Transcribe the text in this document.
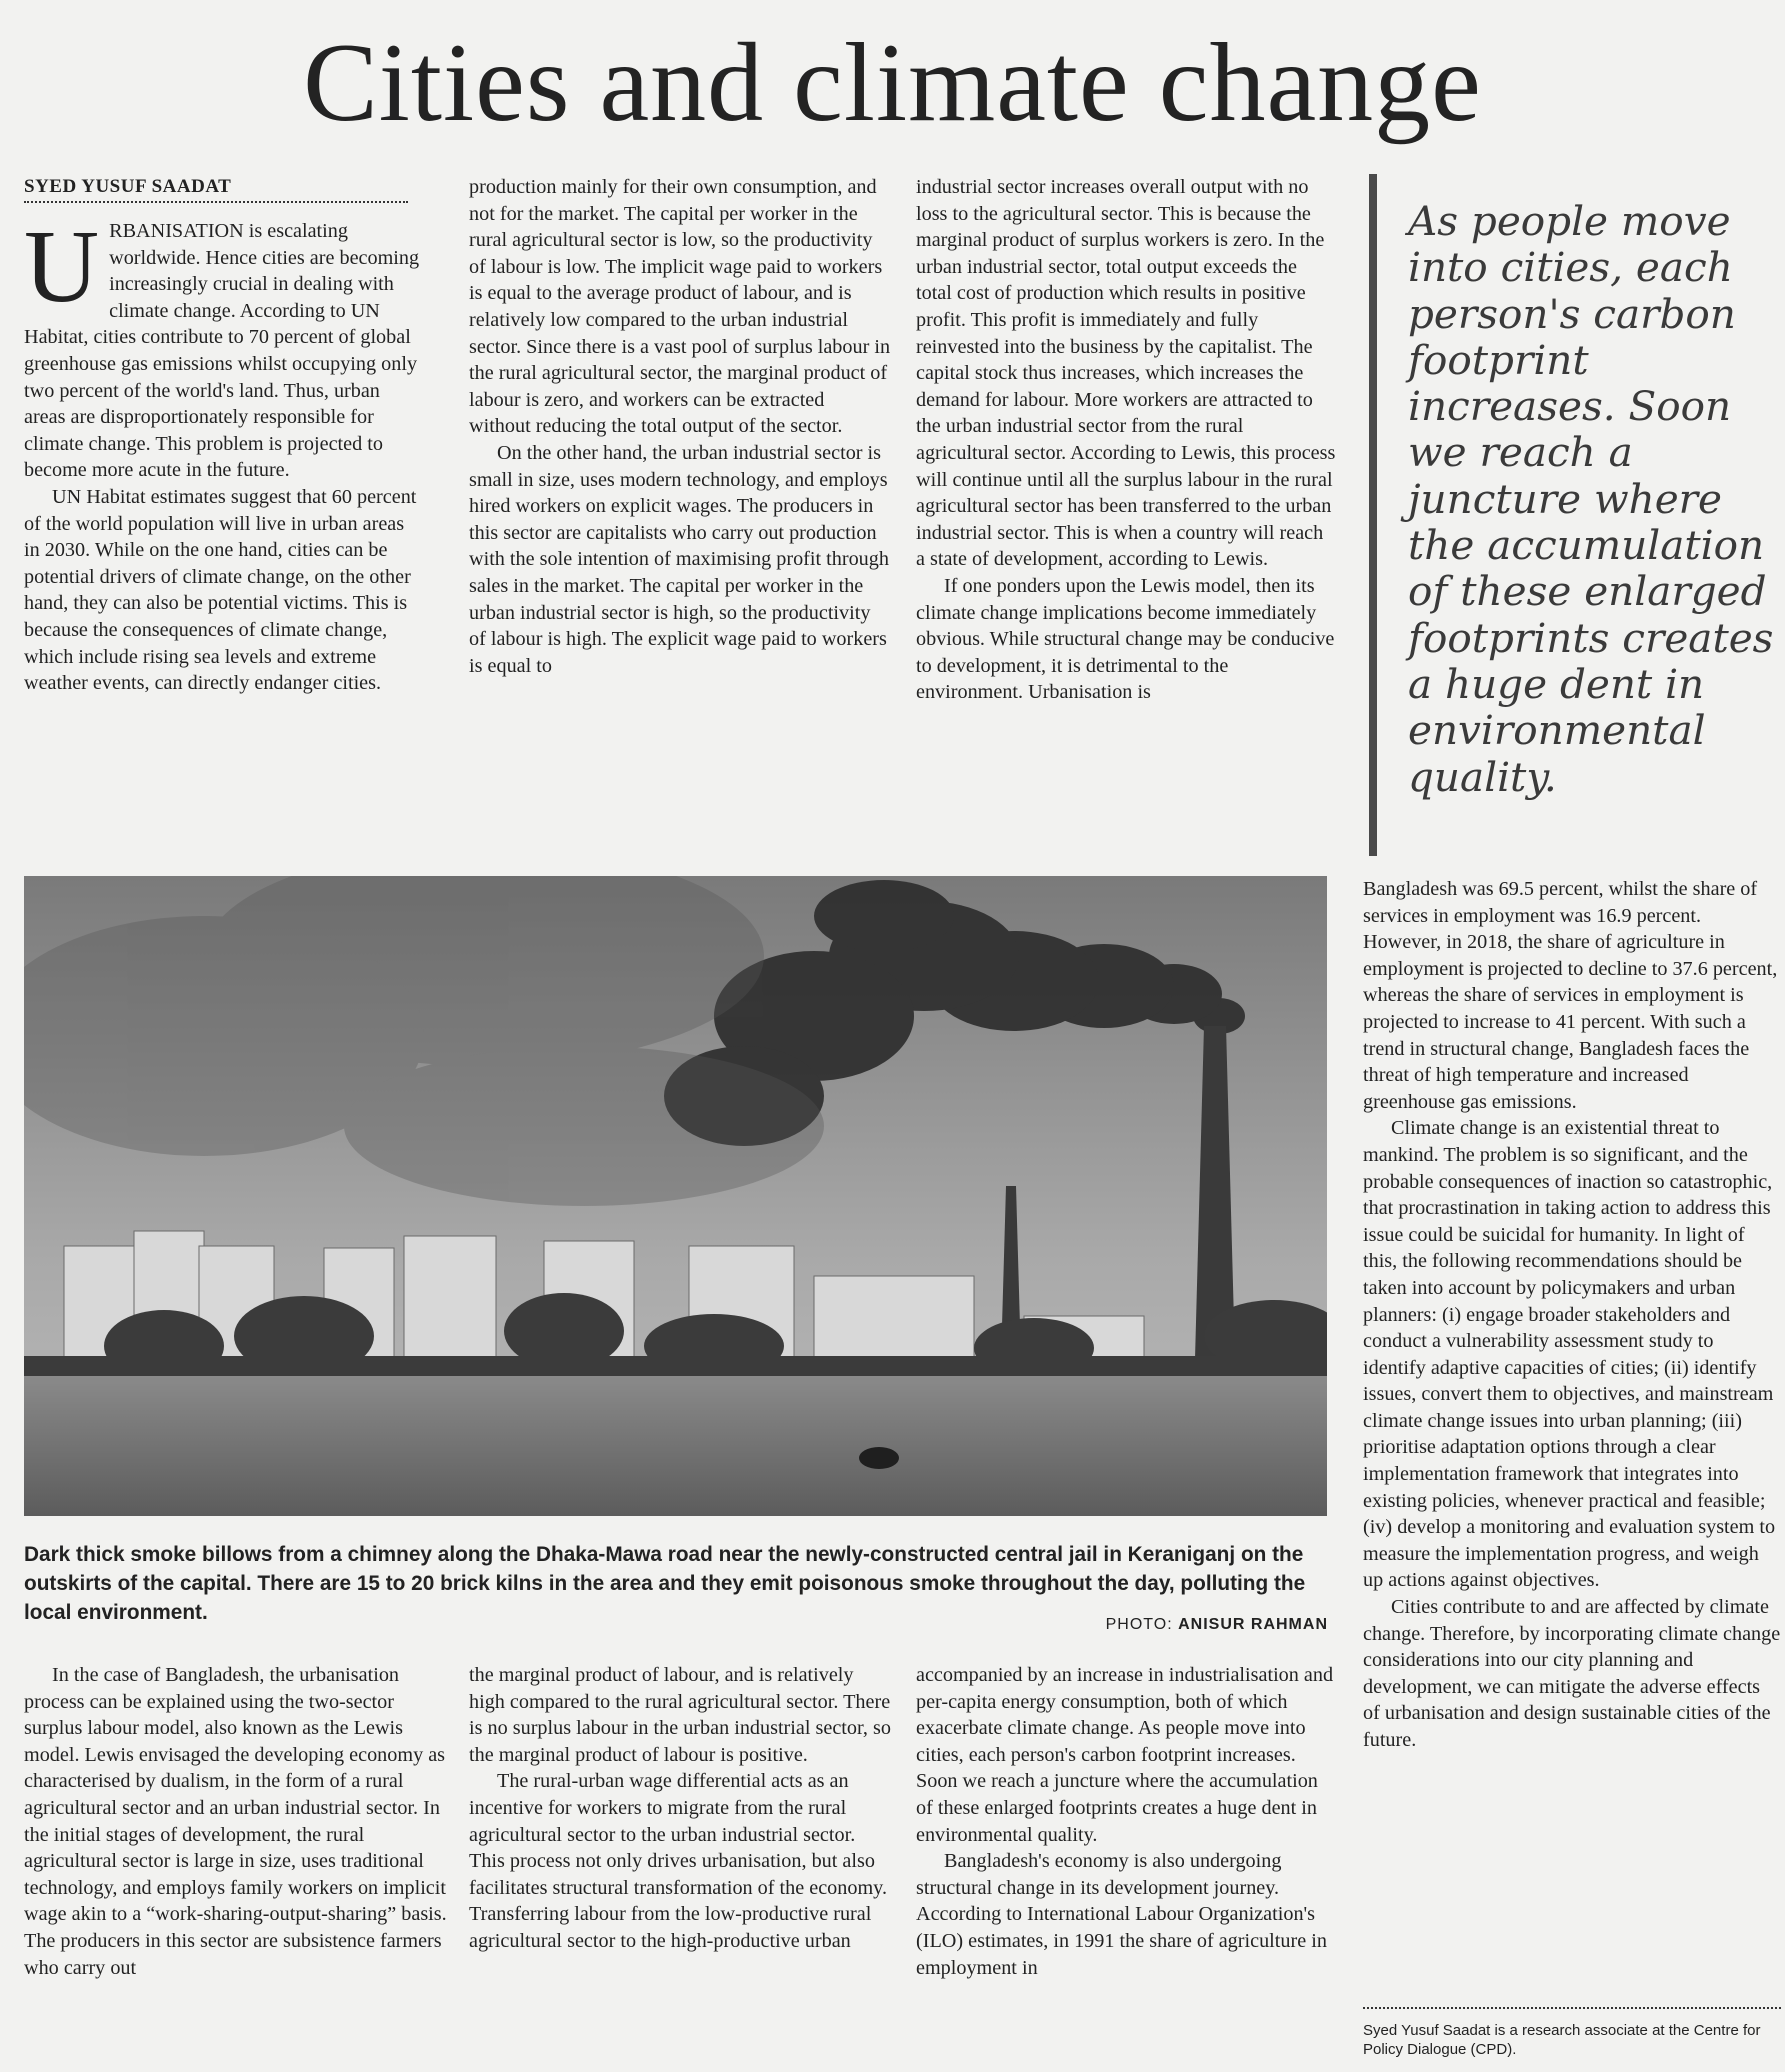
Cities and climate change
SYED YUSUF SAADAT

URBANISATION is escalating worldwide. Hence cities are becoming increasingly crucial in dealing with climate change. According to UN Habitat, cities contribute to 70 percent of global greenhouse gas emissions whilst occupying only two percent of the world's land. Thus, urban areas are disproportionately responsible for climate change. This problem is projected to become more acute in the future.

UN Habitat estimates suggest that 60 percent of the world population will live in urban areas in 2030. While on the one hand, cities can be potential drivers of climate change, on the other hand, they can also be potential victims. This is because the consequences of climate change, which include rising sea levels and extreme weather events, can directly endanger cities.

production mainly for their own consumption, and not for the market. The capital per worker in the rural agricultural sector is low, so the productivity of labour is low. The implicit wage paid to workers is equal to the average product of labour, and is relatively low compared to the urban industrial sector. Since there is a vast pool of surplus labour in the rural agricultural sector, the marginal product of labour is zero, and workers can be extracted without reducing the total output of the sector.

On the other hand, the urban industrial sector is small in size, uses modern technology, and employs hired workers on explicit wages. The producers in this sector are capitalists who carry out production with the sole intention of maximising profit through sales in the market. The capital per worker in the urban industrial sector is high, so the productivity of labour is high. The explicit wage paid to workers is equal to

industrial sector increases overall output with no loss to the agricultural sector. This is because the marginal product of surplus workers is zero. In the urban industrial sector, total output exceeds the total cost of production which results in positive profit. This profit is immediately and fully reinvested into the business by the capitalist. The capital stock thus increases, which increases the demand for labour. More workers are attracted to the urban industrial sector from the rural agricultural sector. According to Lewis, this process will continue until all the surplus labour in the rural agricultural sector has been transferred to the urban industrial sector. This is when a country will reach a state of development, according to Lewis.

If one ponders upon the Lewis model, then its climate change implications become immediately obvious. While structural change may be conducive to development, it is detrimental to the environment. Urbanisation is

As people move into cities, each person's carbon footprint increases. Soon we reach a juncture where the accumulation of these enlarged footprints creates a huge dent in environmental quality.

Dark thick smoke billows from a chimney along the Dhaka-Mawa road near the newly-constructed central jail in Keraniganj on the outskirts of the capital. There are 15 to 20 brick kilns in the area and they emit poisonous smoke throughout the day, polluting the local environment.

PHOTO: ANISUR RAHMAN

Bangladesh was 69.5 percent, whilst the share of services in employment was 16.9 percent. However, in 2018, the share of agriculture in employment is projected to decline to 37.6 percent, whereas the share of services in employment is projected to increase to 41 percent. With such a trend in structural change, Bangladesh faces the threat of high temperature and increased greenhouse gas emissions.

Climate change is an existential threat to mankind. The problem is so significant, and the probable consequences of inaction so catastrophic, that procrastination in taking action to address this issue could be suicidal for humanity. In light of this, the following recommendations should be taken into account by policymakers and urban planners: (i) engage broader stakeholders and conduct a vulnerability assessment study to identify adaptive capacities of cities; (ii) identify issues, convert them to objectives, and mainstream climate change issues into urban planning; (iii) prioritise adaptation options through a clear implementation framework that integrates into existing policies, whenever practical and feasible; (iv) develop a monitoring and evaluation system to measure the implementation progress, and weigh up actions against objectives.

Cities contribute to and are affected by climate change. Therefore, by incorporating climate change considerations into our city planning and development, we can mitigate the adverse effects of urbanisation and design sustainable cities of the future.

In the case of Bangladesh, the urbanisation process can be explained using the two-sector surplus labour model, also known as the Lewis model. Lewis envisaged the developing economy as characterised by dualism, in the form of a rural agricultural sector and an urban industrial sector. In the initial stages of development, the rural agricultural sector is large in size, uses traditional technology, and employs family workers on implicit wage akin to a “work-sharing-output-sharing” basis. The producers in this sector are subsistence farmers who carry out

the marginal product of labour, and is relatively high compared to the rural agricultural sector. There is no surplus labour in the urban industrial sector, so the marginal product of labour is positive.

The rural-urban wage differential acts as an incentive for workers to migrate from the rural agricultural sector to the urban industrial sector. This process not only drives urbanisation, but also facilitates structural transformation of the economy. Transferring labour from the low-productive rural agricultural sector to the high-productive urban

accompanied by an increase in industrialisation and per-capita energy consumption, both of which exacerbate climate change. As people move into cities, each person's carbon footprint increases. Soon we reach a juncture where the accumulation of these enlarged footprints creates a huge dent in environmental quality.

Bangladesh's economy is also undergoing structural change in its development journey. According to International Labour Organization's (ILO) estimates, in 1991 the share of agriculture in employment in

Syed Yusuf Saadat is a research associate at the Centre for Policy Dialogue (CPD).
